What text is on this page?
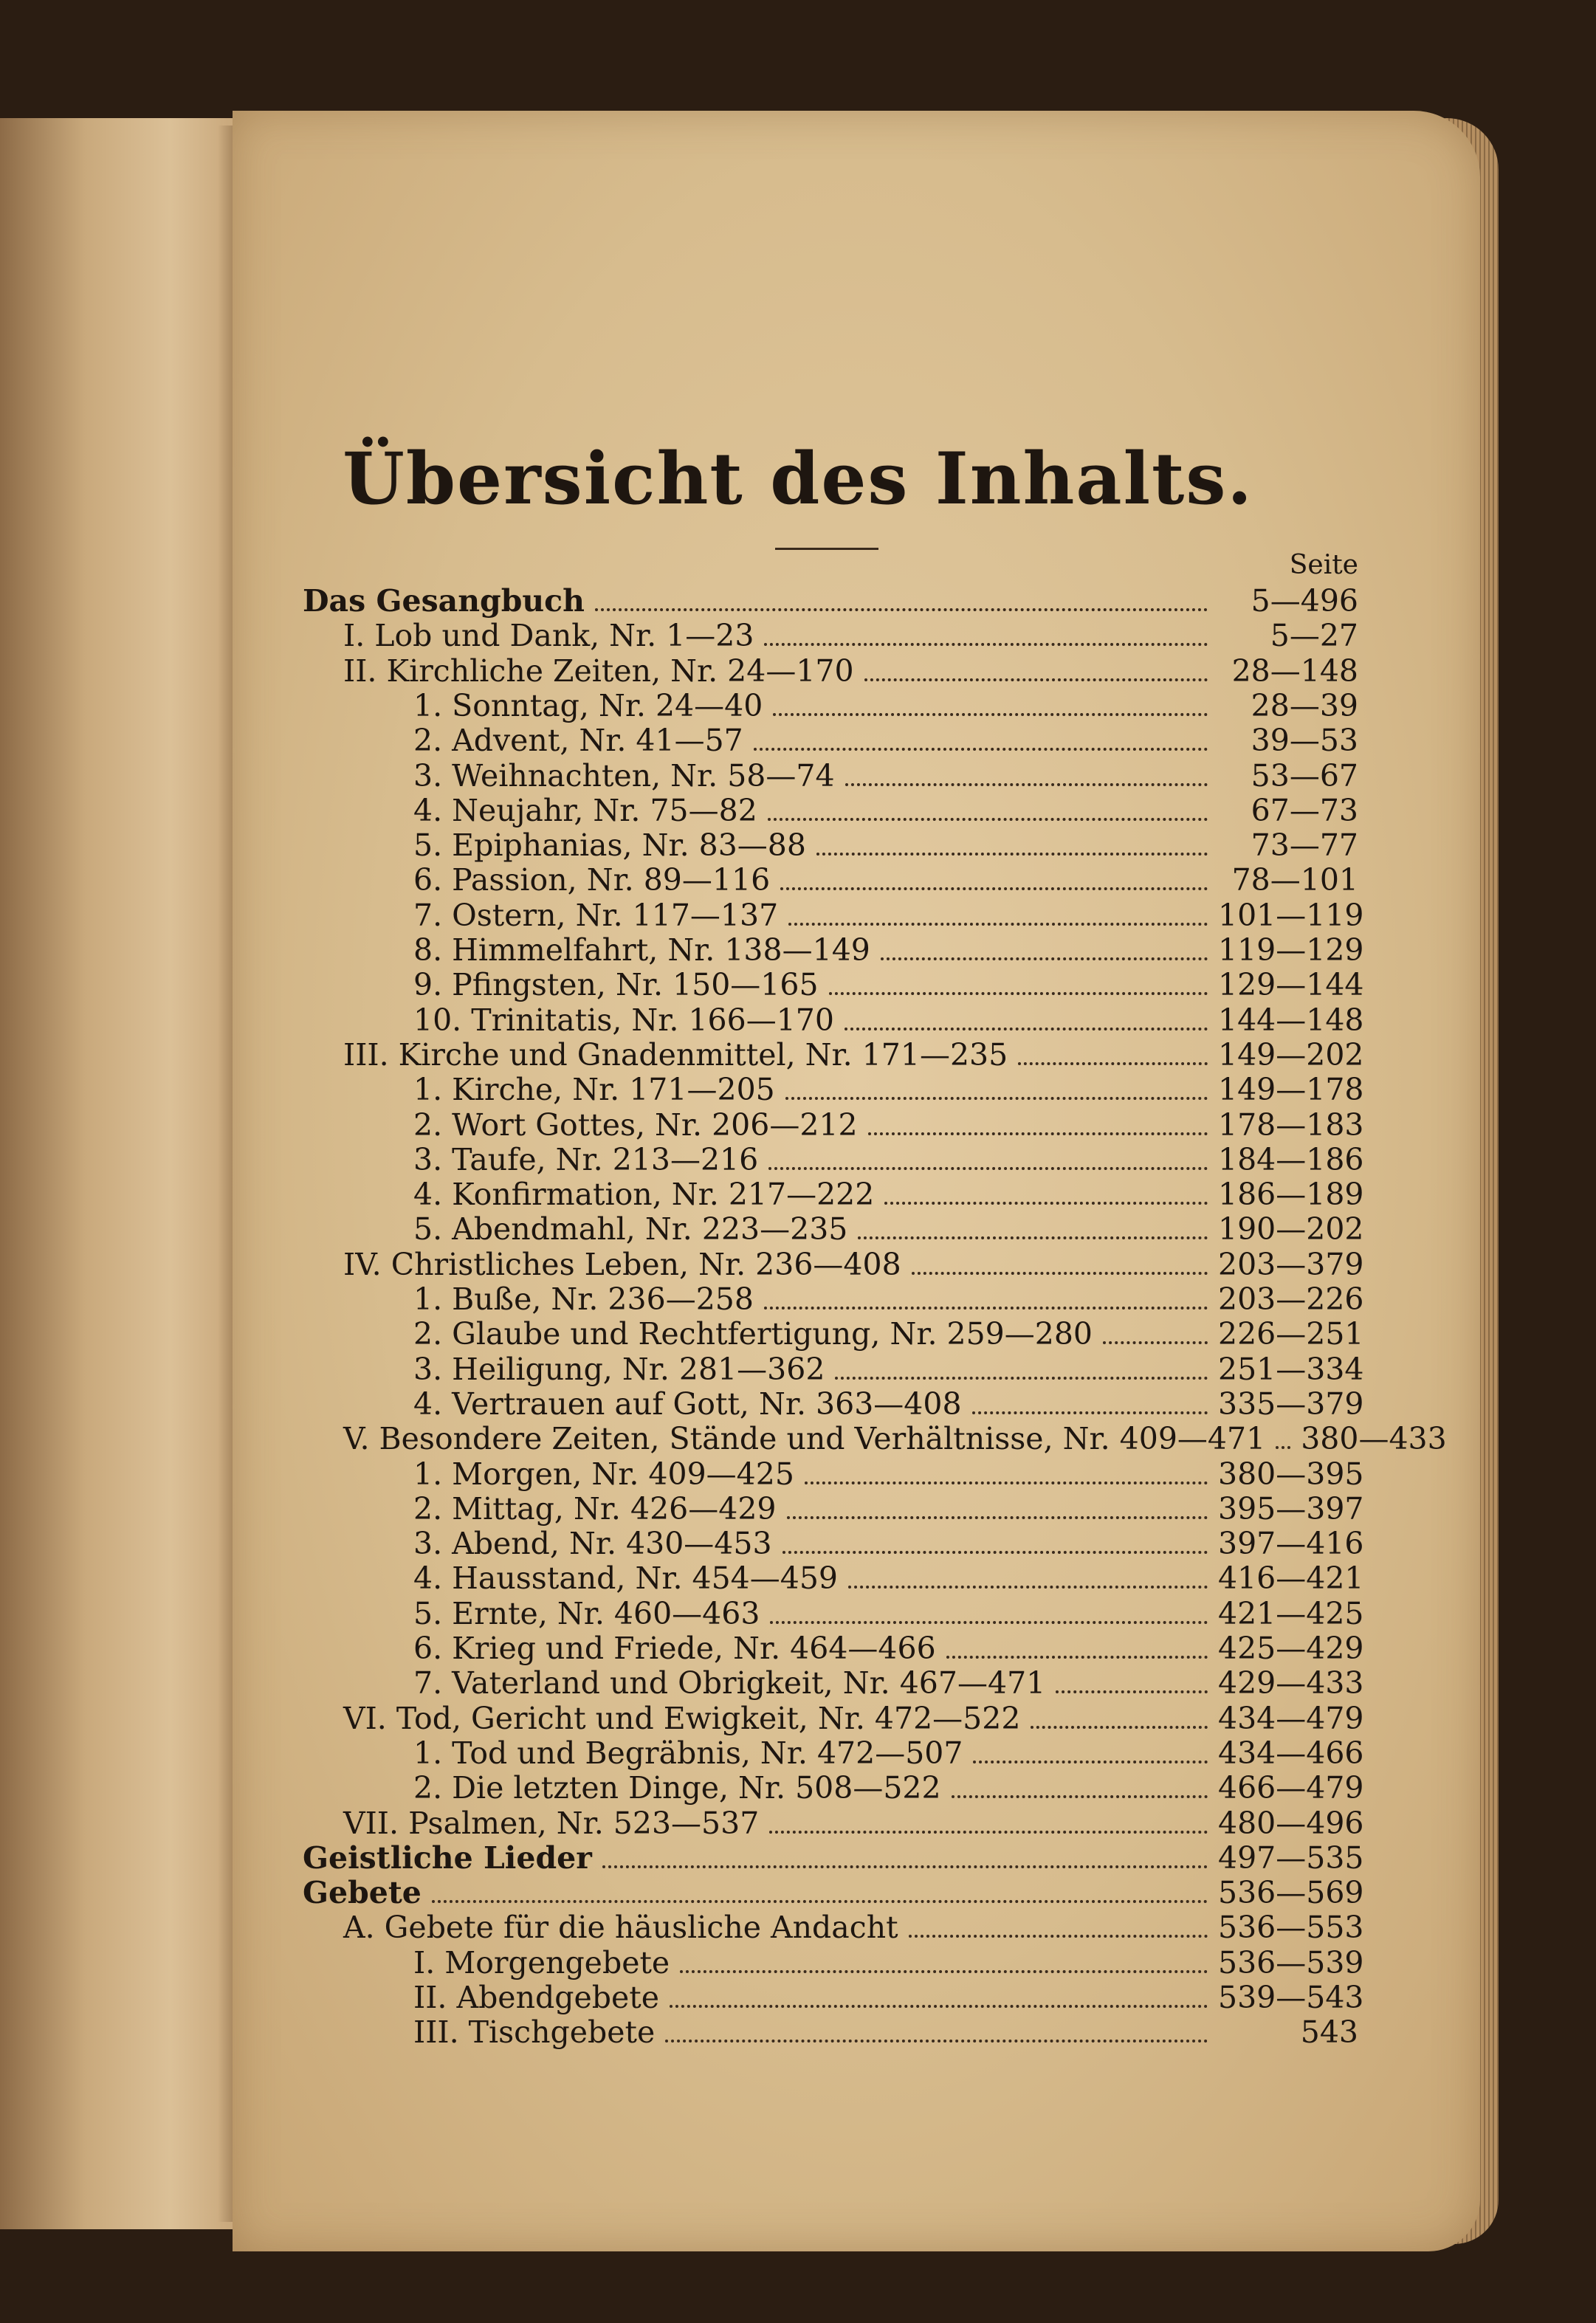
Übersicht des Inhalts.
Seite
Das Gesangbuch	5—496
I. Lob und Dank, Nr. 1—23	5—27
II. Kirchliche Zeiten, Nr. 24—170	28—148
1. Sonntag, Nr. 24—40	28—39
2. Advent, Nr. 41—57	39—53
3. Weihnachten, Nr. 58—74	53—67
4. Neujahr, Nr. 75—82	67—73
5. Epiphanias, Nr. 83—88	73—77
6. Passion, Nr. 89—116	78—101
7. Ostern, Nr. 117—137	101—119
8. Himmelfahrt, Nr. 138—149	119—129
9. Pfingsten, Nr. 150—165	129—144
10. Trinitatis, Nr. 166—170	144—148
III. Kirche und Gnadenmittel, Nr. 171—235	149—202
1. Kirche, Nr. 171—205	149—178
2. Wort Gottes, Nr. 206—212	178—183
3. Taufe, Nr. 213—216	184—186
4. Konfirmation, Nr. 217—222	186—189
5. Abendmahl, Nr. 223—235	190—202
IV. Christliches Leben, Nr. 236—408	203—379
1. Buße, Nr. 236—258	203—226
2. Glaube und Rechtfertigung, Nr. 259—280	226—251
3. Heiligung, Nr. 281—362	251—334
4. Vertrauen auf Gott, Nr. 363—408	335—379
V. Besondere Zeiten, Stände und Verhältnisse, Nr. 409—471 380—433
1. Morgen, Nr. 409—425	380—395
2. Mittag, Nr. 426—429	395—397
3. Abend, Nr. 430—453	397—416
4. Hausstand, Nr. 454—459	416—421
5. Ernte, Nr. 460—463	421—425
6. Krieg und Friede, Nr. 464—466	425—429
7. Vaterland und Obrigkeit, Nr. 467—471	429—433
VI. Tod, Gericht und Ewigkeit, Nr. 472—522	434—479
1. Tod und Begräbnis, Nr. 472—507	434—466
2. Die letzten Dinge, Nr. 508—522	466—479
VII. Psalmen, Nr. 523—537	480—496
Geistliche Lieder	497—535
Gebete	536—569
A. Gebete für die häusliche Andacht	536—553
I. Morgengebete	536—539
II. Abendgebete	539—543
III. Tischgebete	543
